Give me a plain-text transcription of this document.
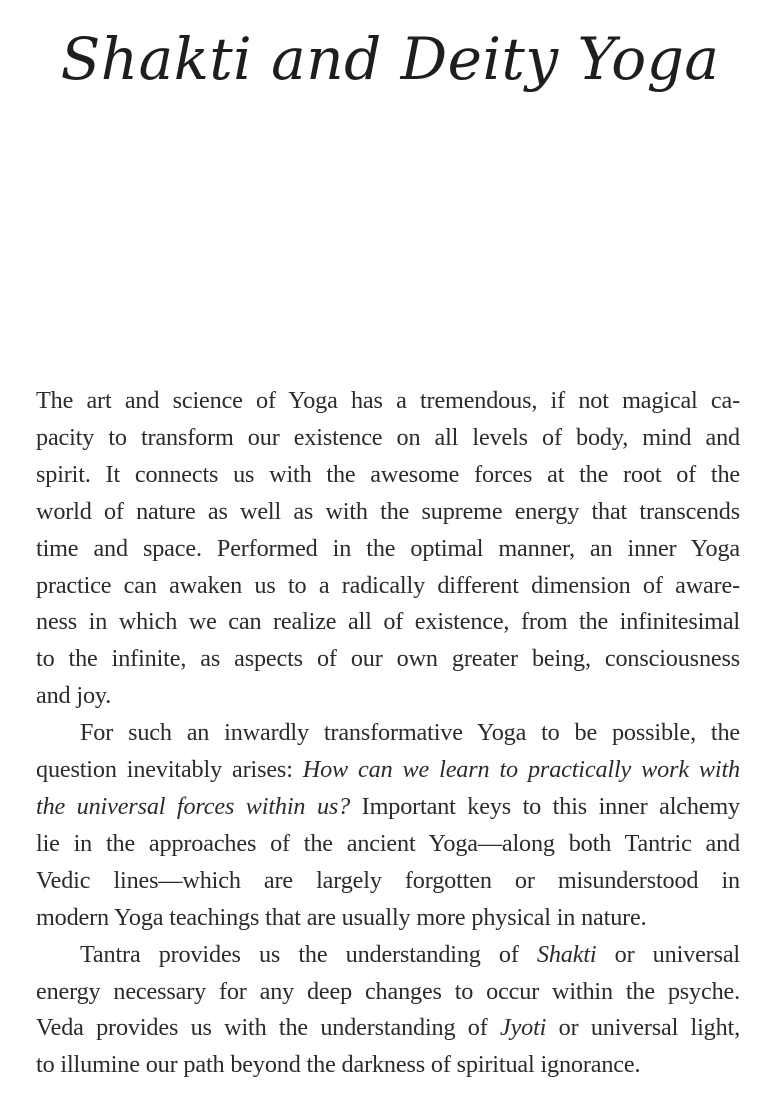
Shakti and Deity Yoga

The art and science of Yoga has a tremendous, if not magical ca-
pacity to transform our existence on all levels of body, mind and
spirit. It connects us with the awesome forces at the root of the
world of nature as well as with the supreme energy that transcends
time and space. Performed in the optimal manner, an inner Yoga
practice can awaken us to a radically different dimension of aware-
ness in which we can realize all of existence, from the infinitesimal
to the infinite, as aspects of our own greater being, consciousness
and joy.

For such an inwardly transformative Yoga to be possible, the
question inevitably arises: How can we learn to practically work with
the universal forces within us? Important keys to this inner alchemy
lie in the approaches of the ancient Yoga—along both Tantric and
Vedic lines—which are largely forgotten or misunderstood in
modern Yoga teachings that are usually more physical in nature.

Tantra provides us the understanding of Shakti or universal
energy necessary for any deep changes to occur within the psyche.
Veda provides us with the understanding of Jyoti or universal light,
to illumine our path beyond the darkness of spiritual ignorance.
